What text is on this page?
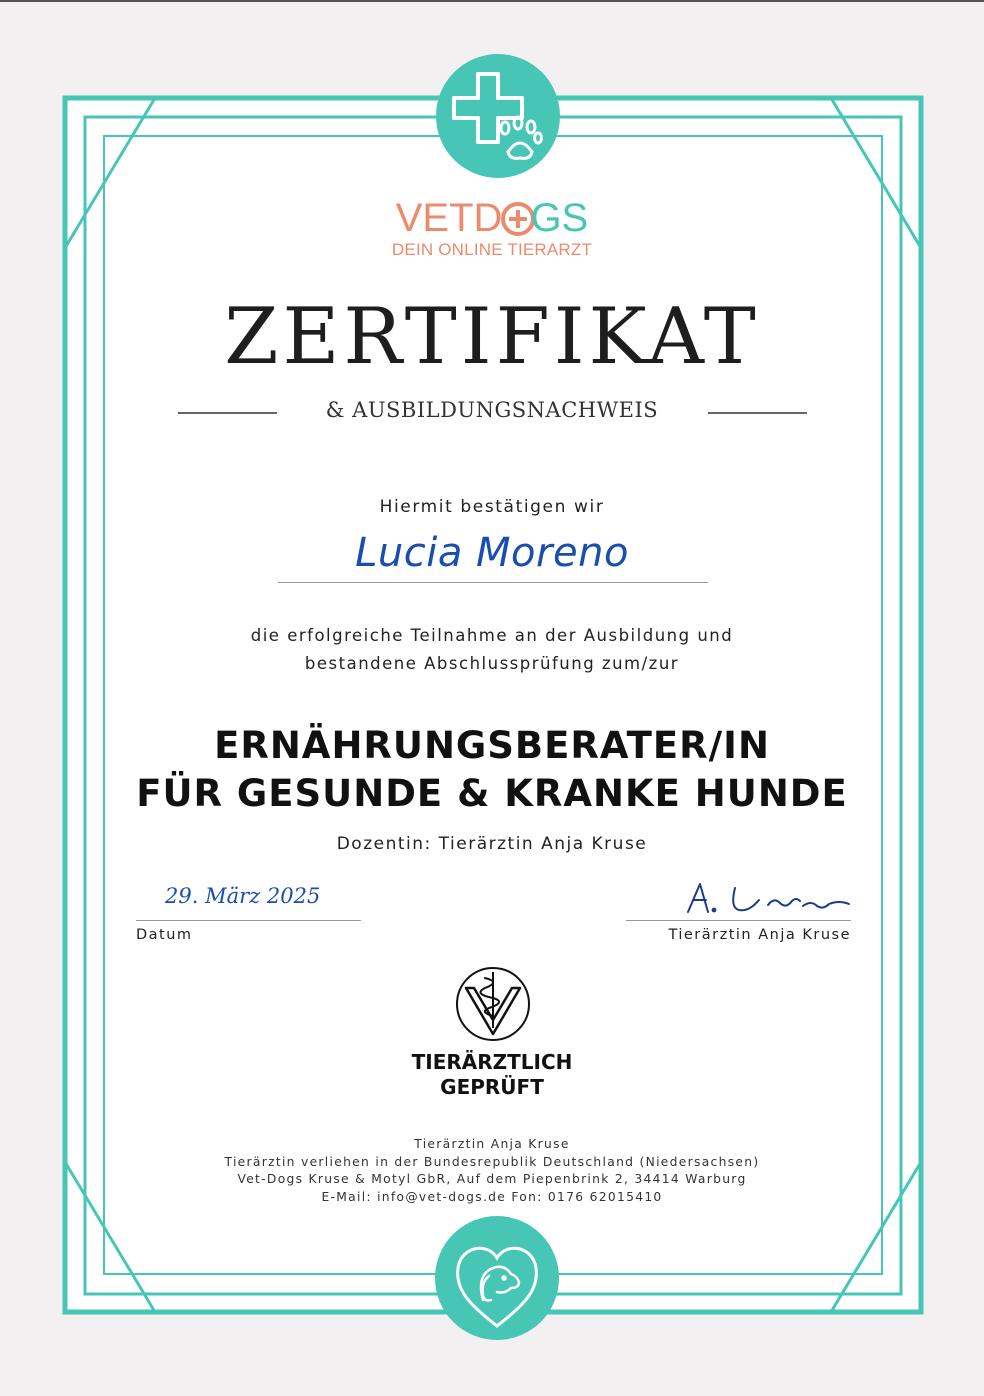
VETD GS
DEIN ONLINE TIERARZT
ZERTIFIKAT
& AUSBILDUNGSNACHWEIS
Hiermit bestätigen wir
Lucia Moreno
die erfolgreiche Teilnahme an der Ausbildung und
bestandene Abschlussprüfung zum/zur
ERNÄHRUNGSBERATER/IN
FÜR GESUNDE & KRANKE HUNDE
Dozentin: Tierärztin Anja Kruse
29. März 2025
Datum	Tierärztin Anja Kruse
TIERÄRZTLICH
GEPRÜFT
Tierärztin Anja Kruse
Tierärztin verliehen in der Bundesrepublik Deutschland (Niedersachsen)
Vet-Dogs Kruse & Motyl GbR, Auf dem Piepenbrink 2, 34414 Warburg
E-Mail: info@vet-dogs.de Fon: 0176 62015410
